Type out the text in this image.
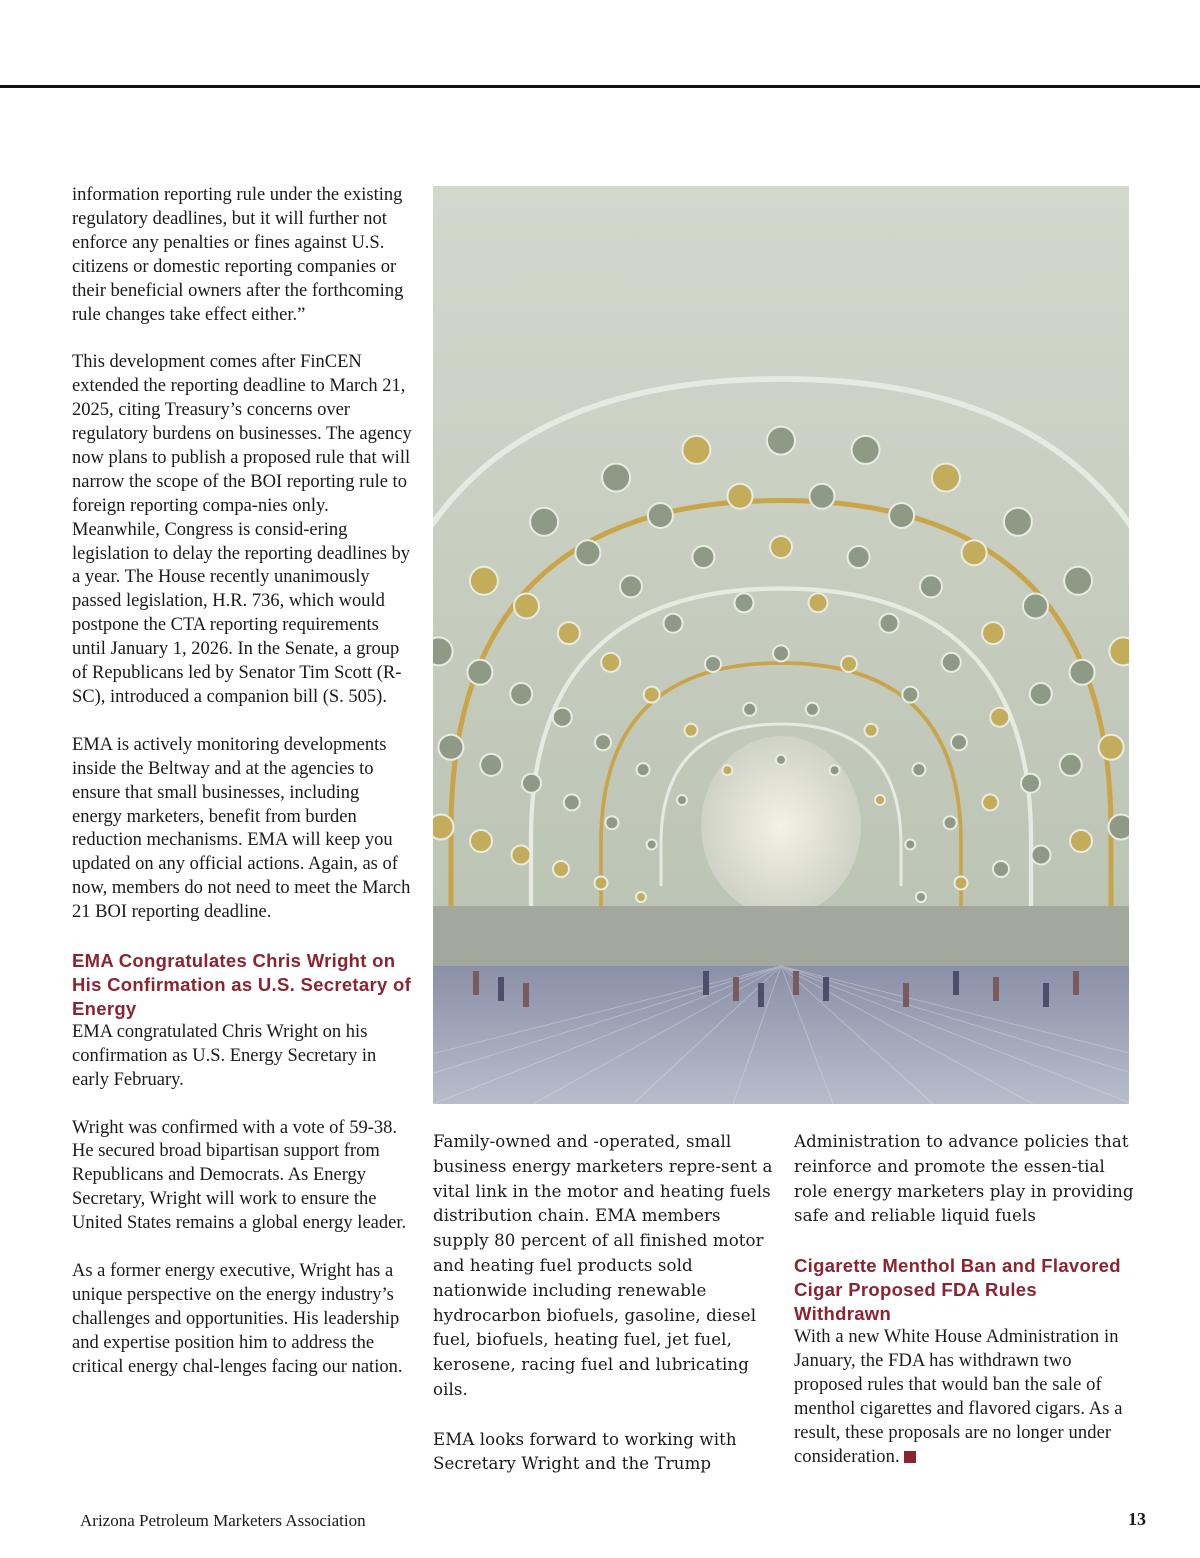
information reporting rule under the existing regulatory deadlines, but it will further not enforce any penalties or fines against U.S. citizens or domestic reporting companies or their beneficial owners after the forthcoming rule changes take effect either.”

This development comes after FinCEN extended the reporting deadline to March 21, 2025, citing Treasury’s concerns over regulatory burdens on businesses. The agency now plans to publish a proposed rule that will narrow the scope of the BOI reporting rule to foreign reporting compa-nies only. Meanwhile, Congress is consid-ering legislation to delay the reporting deadlines by a year. The House recently unanimously passed legislation, H.R. 736, which would postpone the CTA reporting requirements until January 1, 2026. In the Senate, a group of Republicans led by Senator Tim Scott (R-SC), introduced a companion bill (S. 505).

EMA is actively monitoring developments inside the Beltway and at the agencies to ensure that small businesses, including energy marketers, benefit from burden reduction mechanisms. EMA will keep you updated on any official actions. Again, as of now, members do not need to meet the March 21 BOI reporting deadline.

EMA Congratulates Chris Wright on His Confirmation as U.S. Secretary of Energy

EMA congratulated Chris Wright on his confirmation as U.S. Energy Secretary in early February.

Wright was confirmed with a vote of 59-38. He secured broad bipartisan support from Republicans and Democrats. As Energy Secretary, Wright will work to ensure the United States remains a global energy leader.

As a former energy executive, Wright has a unique perspective on the energy industry’s challenges and opportunities. His leadership and expertise position him to address the critical energy chal-lenges facing our nation.

Family-owned and -operated, small business energy marketers repre-sent a vital link in the motor and heating fuels distribution chain. EMA members supply 80 percent of all finished motor and heating fuel products sold nationwide including renewable hydrocarbon biofuels, gasoline, diesel fuel, biofuels, heating fuel, jet fuel, kerosene, racing fuel and lubricating oils.

EMA looks forward to working with Secretary Wright and the Trump

Administration to advance policies that reinforce and promote the essen-tial role energy marketers play in providing safe and reliable liquid fuels

Cigarette Menthol Ban and Flavored Cigar Proposed FDA Rules Withdrawn

With a new White House Administration in January, the FDA has withdrawn two proposed rules that would ban the sale of menthol cigarettes and flavored cigars. As a result, these proposals are no longer under consideration.

Arizona Petroleum Marketers Association	13
